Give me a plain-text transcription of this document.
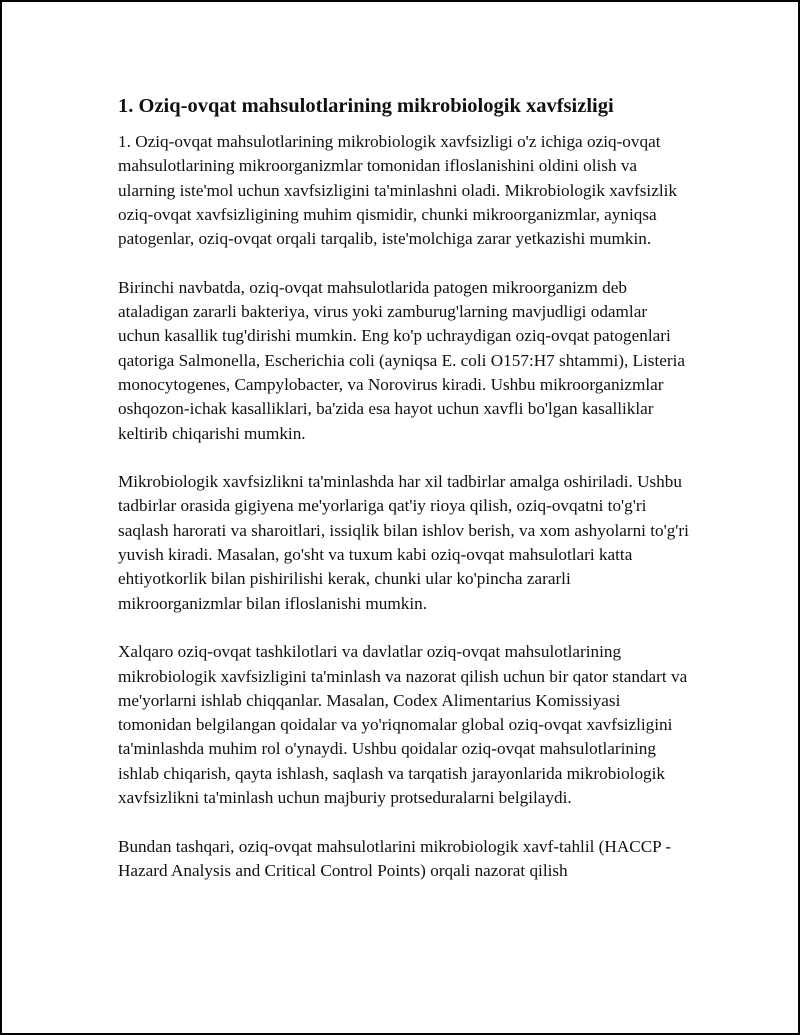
1. Oziq-ovqat mahsulotlarining mikrobiologik xavfsizligi

1. Oziq-ovqat mahsulotlarining mikrobiologik xavfsizligi o'z ichiga oziq-ovqat mahsulotlarining mikroorganizmlar tomonidan ifloslanishini oldini olish va ularning iste'mol uchun xavfsizligini ta'minlashni oladi. Mikrobiologik xavfsizlik oziq-ovqat xavfsizligining muhim qismidir, chunki mikroorganizmlar, ayniqsa patogenlar, oziq-ovqat orqali tarqalib, iste'molchiga zarar yetkazishi mumkin.

Birinchi navbatda, oziq-ovqat mahsulotlarida patogen mikroorganizm deb ataladigan zararli bakteriya, virus yoki zamburug'larning mavjudligi odamlar uchun kasallik tug'dirishi mumkin. Eng ko'p uchraydigan oziq-ovqat patogenlari qatoriga Salmonella, Escherichia coli (ayniqsa E. coli O157:H7 shtammi), Listeria monocytogenes, Campylobacter, va Norovirus kiradi. Ushbu mikroorganizmlar oshqozon-ichak kasalliklari, ba'zida esa hayot uchun xavfli bo'lgan kasalliklar keltirib chiqarishi mumkin.

Mikrobiologik xavfsizlikni ta'minlashda har xil tadbirlar amalga oshiriladi. Ushbu tadbirlar orasida gigiyena me'yorlariga qat'iy rioya qilish, oziq-ovqatni to'g'ri saqlash harorati va sharoitlari, issiqlik bilan ishlov berish, va xom ashyolarni to'g'ri yuvish kiradi. Masalan, go'sht va tuxum kabi oziq-ovqat mahsulotlari katta ehtiyotkorlik bilan pishirilishi kerak, chunki ular ko'pincha zararli mikroorganizmlar bilan ifloslanishi mumkin.

Xalqaro oziq-ovqat tashkilotlari va davlatlar oziq-ovqat mahsulotlarining mikrobiologik xavfsizligini ta'minlash va nazorat qilish uchun bir qator standart va me'yorlarni ishlab chiqqanlar. Masalan, Codex Alimentarius Komissiyasi tomonidan belgilangan qoidalar va yo'riqnomalar global oziq-ovqat xavfsizligini ta'minlashda muhim rol o'ynaydi. Ushbu qoidalar oziq-ovqat mahsulotlarining ishlab chiqarish, qayta ishlash, saqlash va tarqatish jarayonlarida mikrobiologik xavfsizlikni ta'minlash uchun majburiy protseduralarni belgilaydi.

Bundan tashqari, oziq-ovqat mahsulotlarini mikrobiologik xavf-tahlil (HACCP - Hazard Analysis and Critical Control Points) orqali nazorat qilish
